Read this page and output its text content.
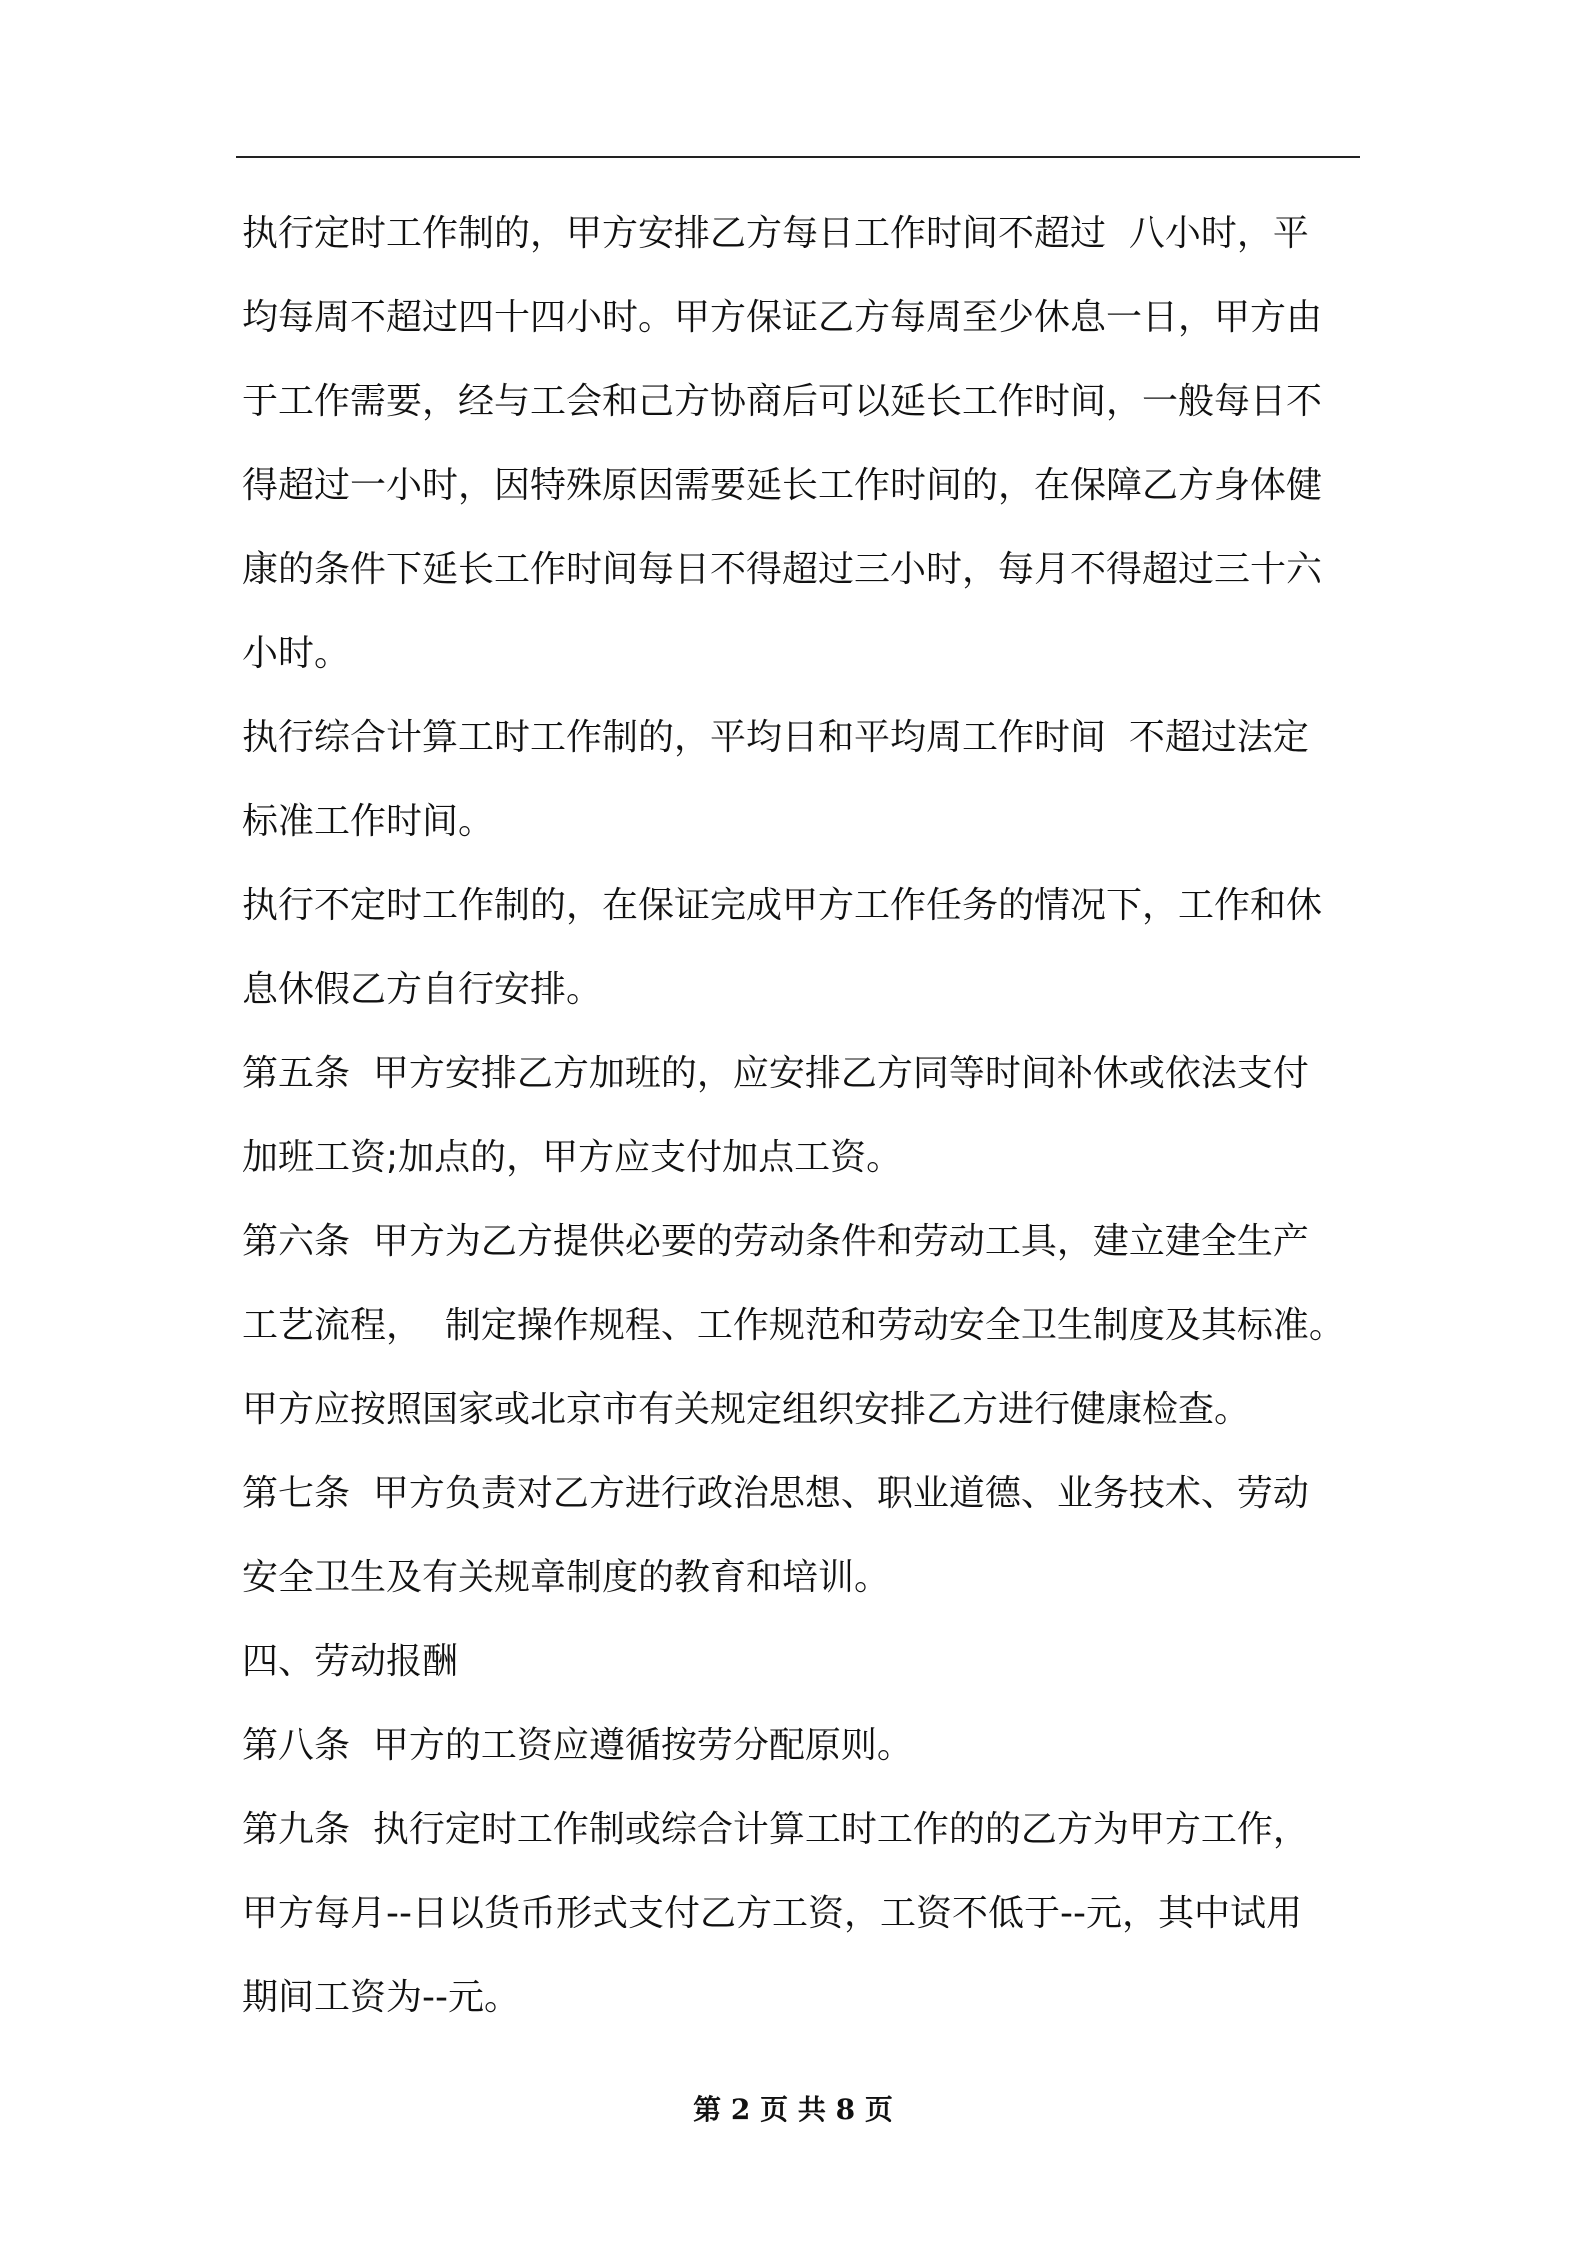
执行定时工作制的，甲方安排乙方每日工作时间不超过  八小时，平
均每周不超过四十四小时。甲方保证乙方每周至少休息一日，甲方由
于工作需要，经与工会和己方协商后可以延长工作时间，一般每日不
得超过一小时，因特殊原因需要延长工作时间的，在保障乙方身体健
康的条件下延长工作时间每日不得超过三小时，每月不得超过三十六
小时。
执行综合计算工时工作制的，平均日和平均周工作时间  不超过法定
标准工作时间。
执行不定时工作制的，在保证完成甲方工作任务的情况下，工作和休
息休假乙方自行安排。
第五条  甲方安排乙方加班的，应安排乙方同等时间补休或依法支付
加班工资;加点的，甲方应支付加点工资。
第六条  甲方为乙方提供必要的劳动条件和劳动工具，建立建全生产
工艺流程，  制定操作规程、工作规范和劳动安全卫生制度及其标准。
甲方应按照国家或北京市有关规定组织安排乙方进行健康检查。
第七条  甲方负责对乙方进行政治思想、职业道德、业务技术、劳动
安全卫生及有关规章制度的教育和培训。
四、劳动报酬
第八条  甲方的工资应遵循按劳分配原则。
第九条  执行定时工作制或综合计算工时工作的的乙方为甲方工作，
甲方每月--日以货币形式支付乙方工资，工资不低于--元，其中试用
期间工资为--元。
第 2 页 共 8 页
